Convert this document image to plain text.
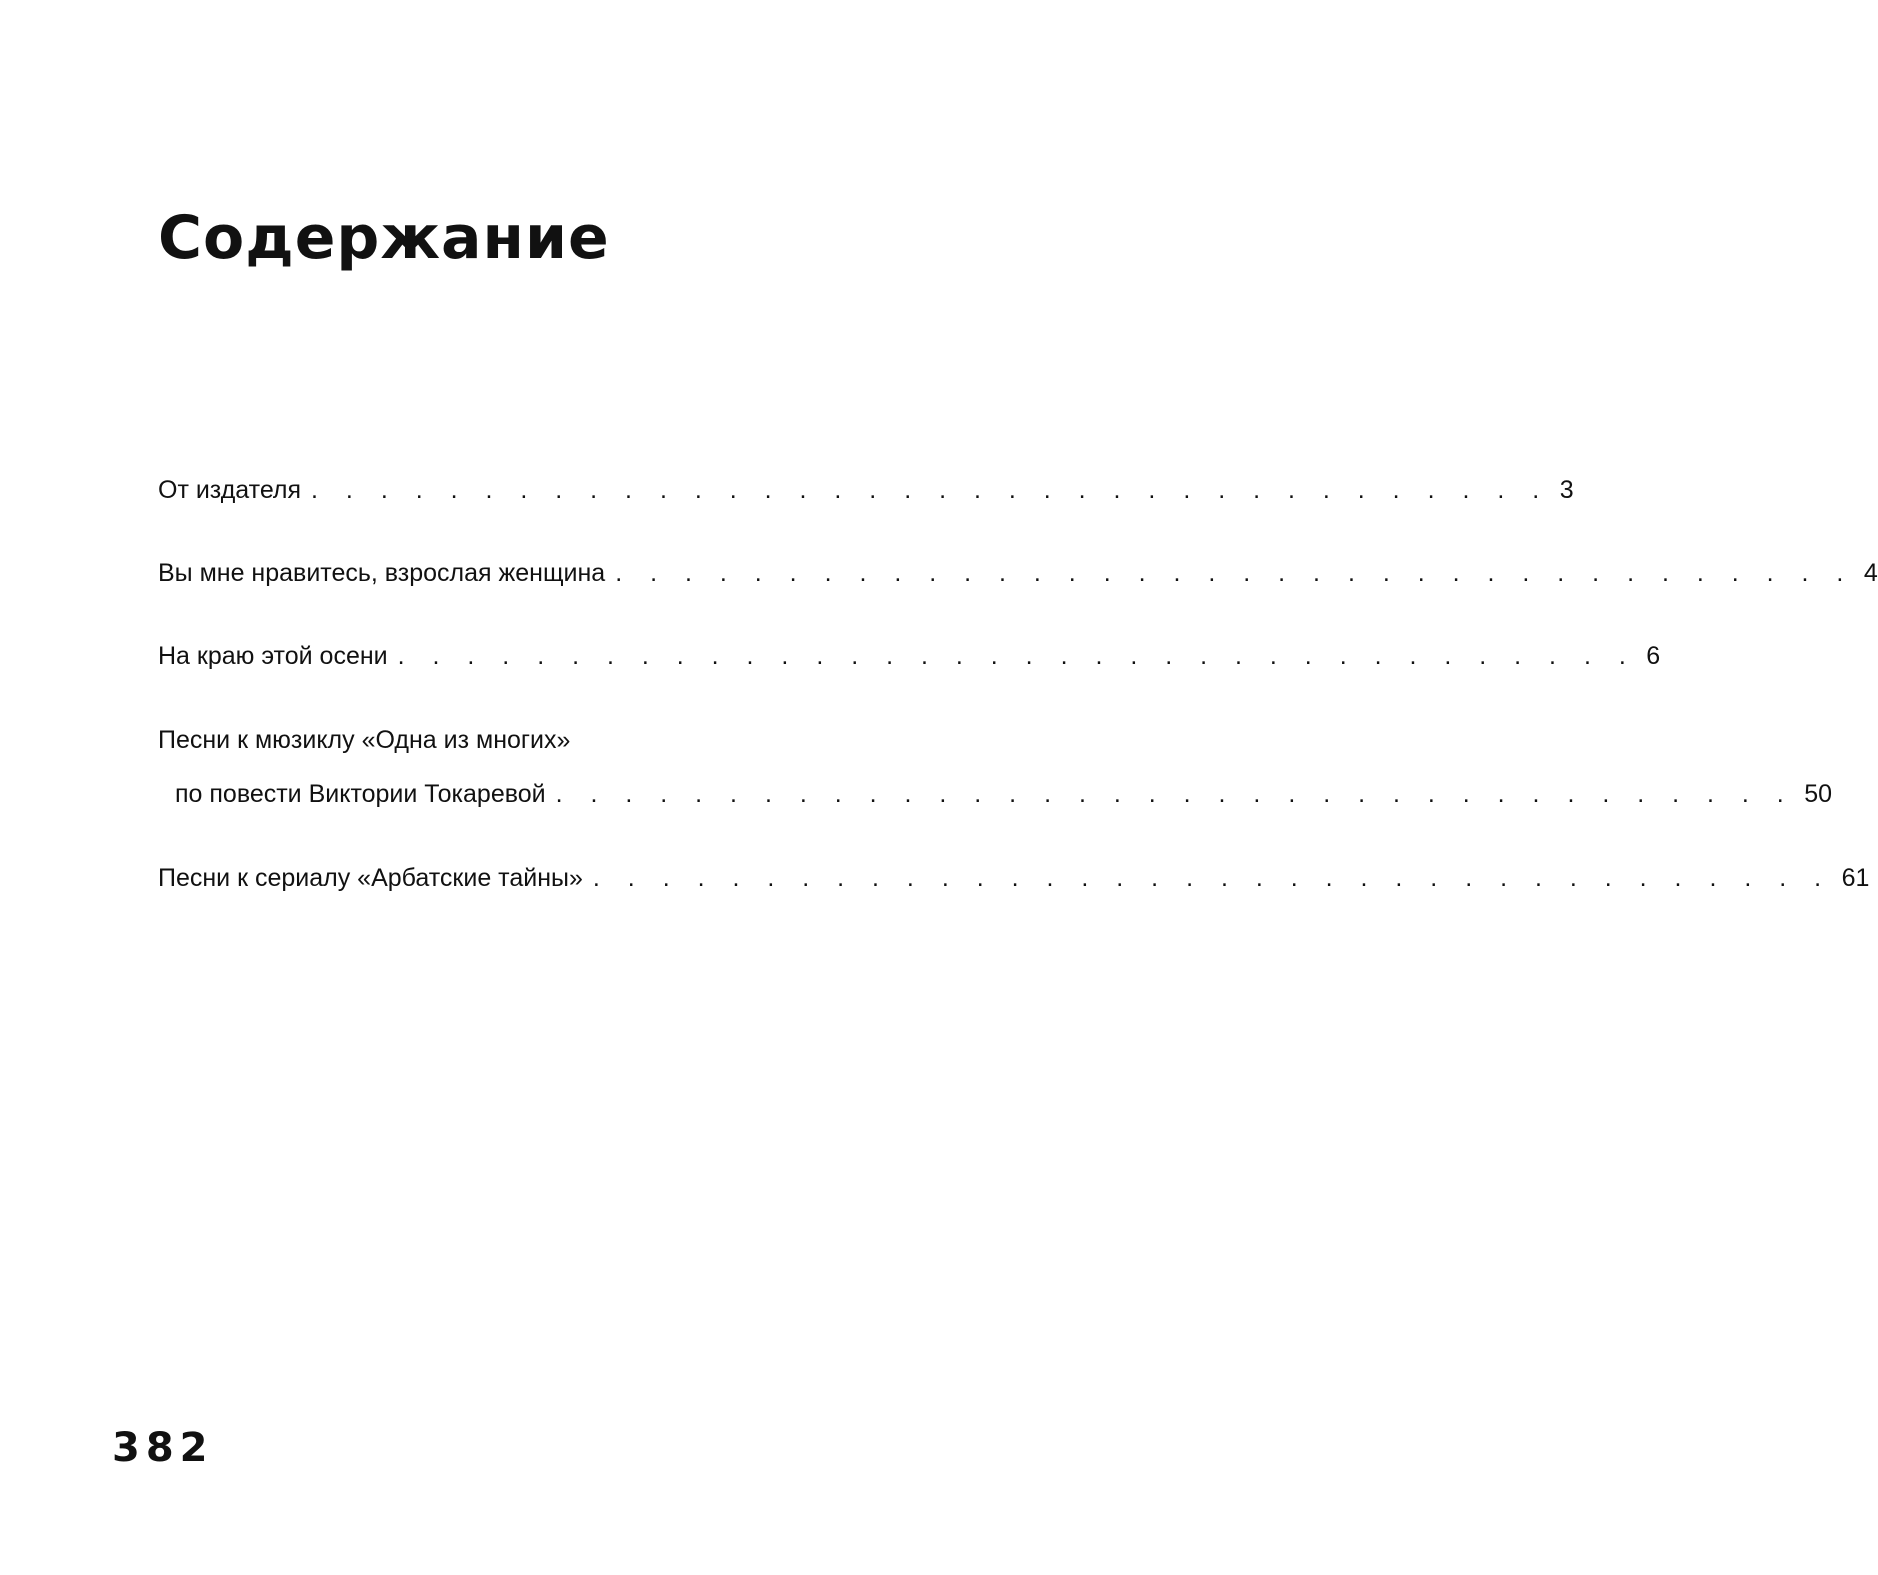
Содержание
От издателя . . . . . . . . . . . . . . . . . . . . . . . . . . . . . . . . . . . . 3
Вы мне нравитесь, взрослая женщина . . . . . . . . . . . . . . . . . . . . . . . . . . . . . . . . . . . . 4
На краю этой осени . . . . . . . . . . . . . . . . . . . . . . . . . . . . . . . . . . . . 6
Песни к мюзиклу «Одна из многих»
по повести Виктории Токаревой . . . . . . . . . . . . . . . . . . . . . . . . . . . . . . . . . . . . 50
Песни к сериалу «Арбатские тайны» . . . . . . . . . . . . . . . . . . . . . . . . . . . . . . . . . . . . 61
382
